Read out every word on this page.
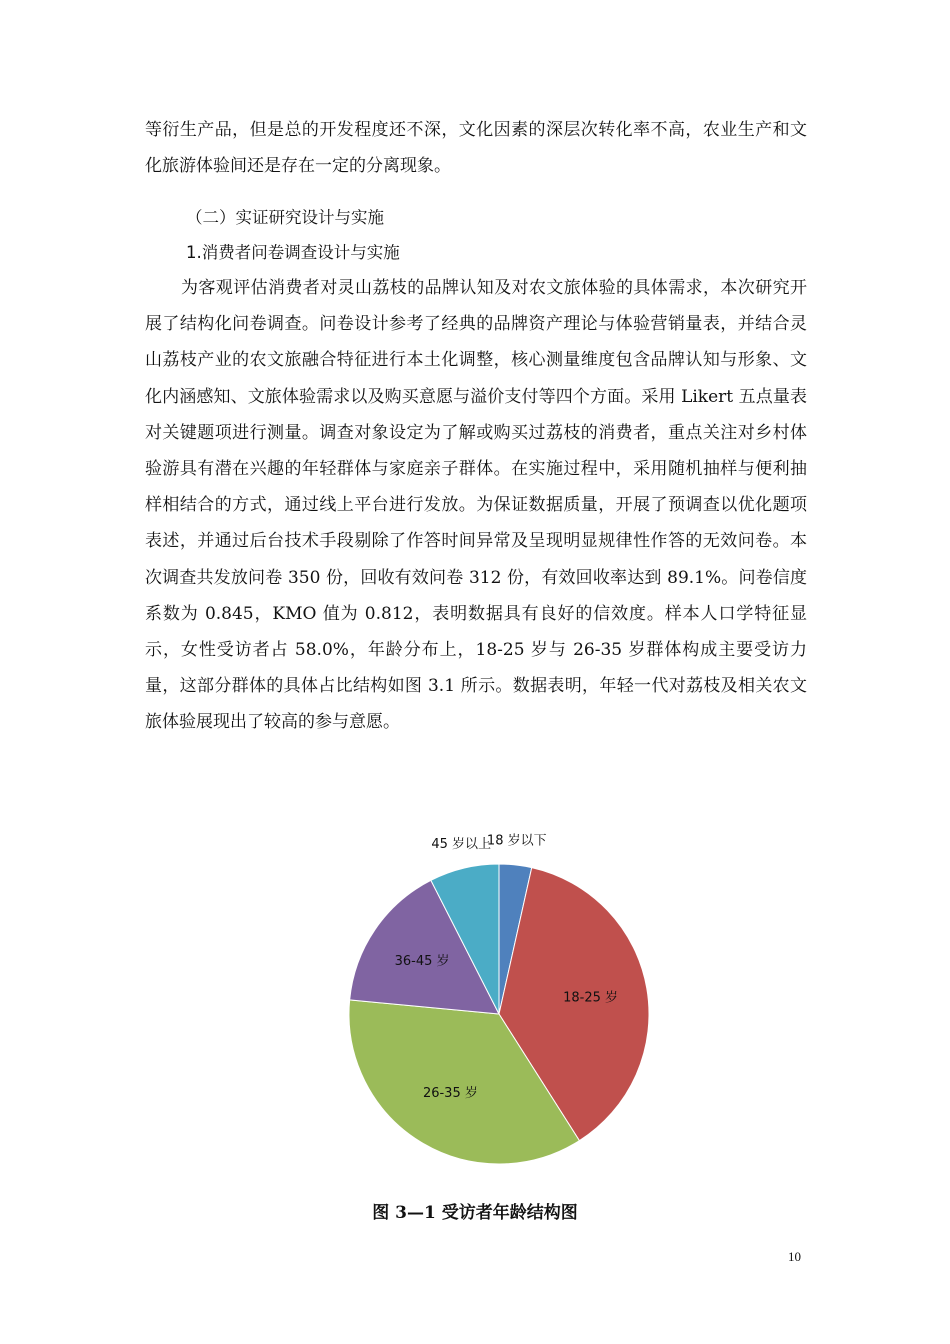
等衍生产品，但是总的开发程度还不深，文化因素的深层次转化率不高，农业生产和文化旅游体验间还是存在一定的分离现象。

（二）实证研究设计与实施

1.消费者问卷调查设计与实施

为客观评估消费者对灵山荔枝的品牌认知及对农文旅体验的具体需求，本次研究开展了结构化问卷调查。问卷设计参考了经典的品牌资产理论与体验营销量表，并结合灵山荔枝产业的农文旅融合特征进行本土化调整，核心测量维度包含品牌认知与形象、文化内涵感知、文旅体验需求以及购买意愿与溢价支付等四个方面。采用 Likert 五点量表对关键题项进行测量。调查对象设定为了解或购买过荔枝的消费者，重点关注对乡村体验游具有潜在兴趣的年轻群体与家庭亲子群体。在实施过程中，采用随机抽样与便利抽样相结合的方式，通过线上平台进行发放。为保证数据质量，开展了预调查以优化题项表述，并通过后台技术手段剔除了作答时间异常及呈现明显规律性作答的无效问卷。本次调查共发放问卷 350 份，回收有效问卷 312 份，有效回收率达到 89.1%。问卷信度系数为 0.845，KMO 值为 0.812，表明数据具有良好的信效度。样本人口学特征显示，女性受访者占 58.0%，年龄分布上，18-25 岁与 26-35 岁群体构成主要受访力量，这部分群体的具体占比结构如图 3.1 所示。数据表明，年轻一代对荔枝及相关农文旅体验展现出了较高的参与意愿。

18 岁以下
18-25 岁
26-35 岁
36-45 岁
45 岁以上

图 3—1 受访者年龄结构图

10
